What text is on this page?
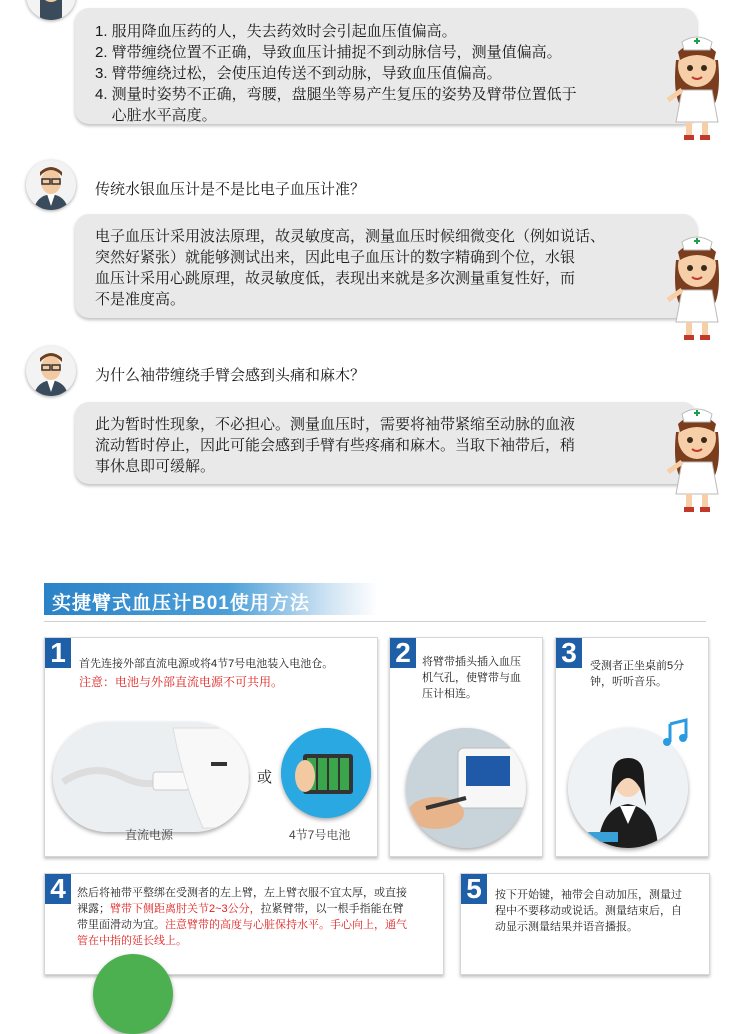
1. 服用降血压药的人，失去药效时会引起血压值偏高。

2. 臂带缠绕位置不正确，导致血压计捕捉不到动脉信号，测量值偏高。

3. 臂带缠绕过松，会使压迫传送不到动脉，导致血压值偏高。

4. 测量时姿势不正确，弯腰，盘腿坐等易产生复压的姿势及臂带位置低于

心脏水平高度。

传统水银血压计是不是比电子血压计准？

电子血压计采用波法原理，故灵敏度高，测量血压时候细微变化（例如说话、

突然好紧张）就能够测试出来，因此电子血压计的数字精确到个位，水银

血压计采用心跳原理，故灵敏度低，表现出来就是多次测量重复性好，而

不是准度高。

为什么袖带缠绕手臂会感到头痛和麻木？

此为暂时性现象，不必担心。测量血压时，需要将袖带紧缩至动脉的血液

流动暂时停止，因此可能会感到手臂有些疼痛和麻木。当取下袖带后，稍

事休息即可缓解。

实捷臂式血压计B01使用方法
1	首先连接外部直流电源或将4节7号电池装入电池仓。
注意：电池与外部直流电源不可共用。
直流电源
或
4节7号电池
2	将臂带插头插入血压
机气孔，使臂带与血
压计相连。
3	受测者正坐桌前5分
钟，听听音乐。
4	然后将袖带平整绑在受测者的左上臂，左上臂衣服不宜太厚，或直接
裸露；臂带下侧距离肘关节2~3公分，拉紧臂带，以一根手指能在臂
带里面滑动为宜。注意臂带的高度与心脏保持水平。手心向上，通气
管在中指的延长线上。
5	按下开始键，袖带会自动加压，测量过
程中不要移动或说话。测量结束后，自
动显示测量结果并语音播报。
